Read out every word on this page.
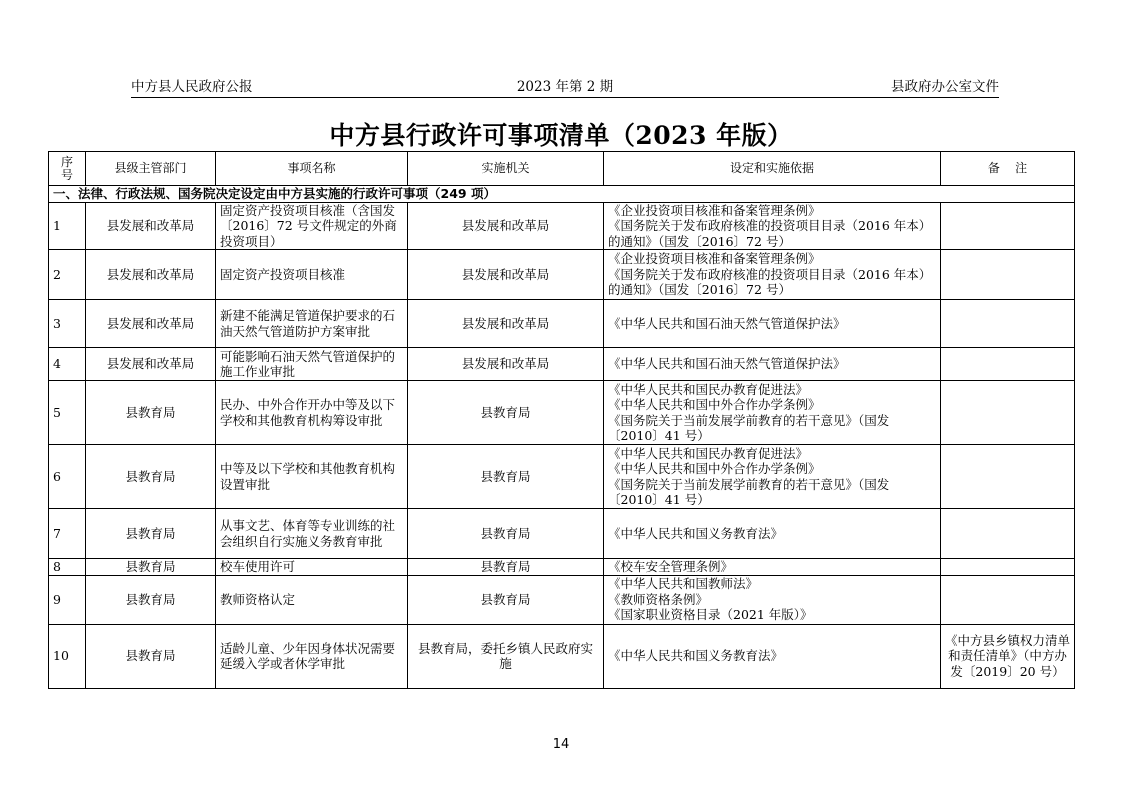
中方县人民政府公报	2023 年第 2 期	县政府办公室文件
中方县行政许可事项清单（2023 年版）
序
号	县级主管部门	事项名称	实施机关	设定和实施依据	备    注
一、法律、行政法规、国务院决定设定由中方县实施的行政许可事项（249 项）					
1	县发展和改革局	固定资产投资项目核准（含国发〔2016〕72 号文件规定的外商投资项目）	县发展和改革局	《企业投资项目核准和备案管理条例》
《国务院关于发布政府核准的投资项目目录（2016 年本）的通知》（国发〔2016〕72 号）	

2	县发展和改革局	固定资产投资项目核准	县发展和改革局	《企业投资项目核准和备案管理条例》
《国务院关于发布政府核准的投资项目目录（2016 年本）的通知》（国发〔2016〕72 号）	

3	县发展和改革局	新建不能满足管道保护要求的石油天然气管道防护方案审批	县发展和改革局	《中华人民共和国石油天然气管道保护法》	

4	县发展和改革局	可能影响石油天然气管道保护的施工作业审批	县发展和改革局	《中华人民共和国石油天然气管道保护法》	

5	县教育局	民办、中外合作开办中等及以下学校和其他教育机构筹设审批	县教育局	《中华人民共和国民办教育促进法》
《中华人民共和国中外合作办学条例》
《国务院关于当前发展学前教育的若干意见》（国发〔2010〕41 号）	

6	县教育局	中等及以下学校和其他教育机构设置审批	县教育局	《中华人民共和国民办教育促进法》
《中华人民共和国中外合作办学条例》
《国务院关于当前发展学前教育的若干意见》（国发〔2010〕41 号）	

7	县教育局	从事文艺、体育等专业训练的社会组织自行实施义务教育审批	县教育局	《中华人民共和国义务教育法》	

8	县教育局	校车使用许可	县教育局	《校车安全管理条例》	

9	县教育局	教师资格认定	县教育局	《中华人民共和国教师法》
《教师资格条例》
《国家职业资格目录（2021 年版）》	

10	县教育局	适龄儿童、少年因身体状况需要延缓入学或者休学审批	县教育局，委托乡镇人民政府实施	《中华人民共和国义务教育法》	《中方县乡镇权力清单和责任清单》（中方办发〔2019〕20 号）
14
